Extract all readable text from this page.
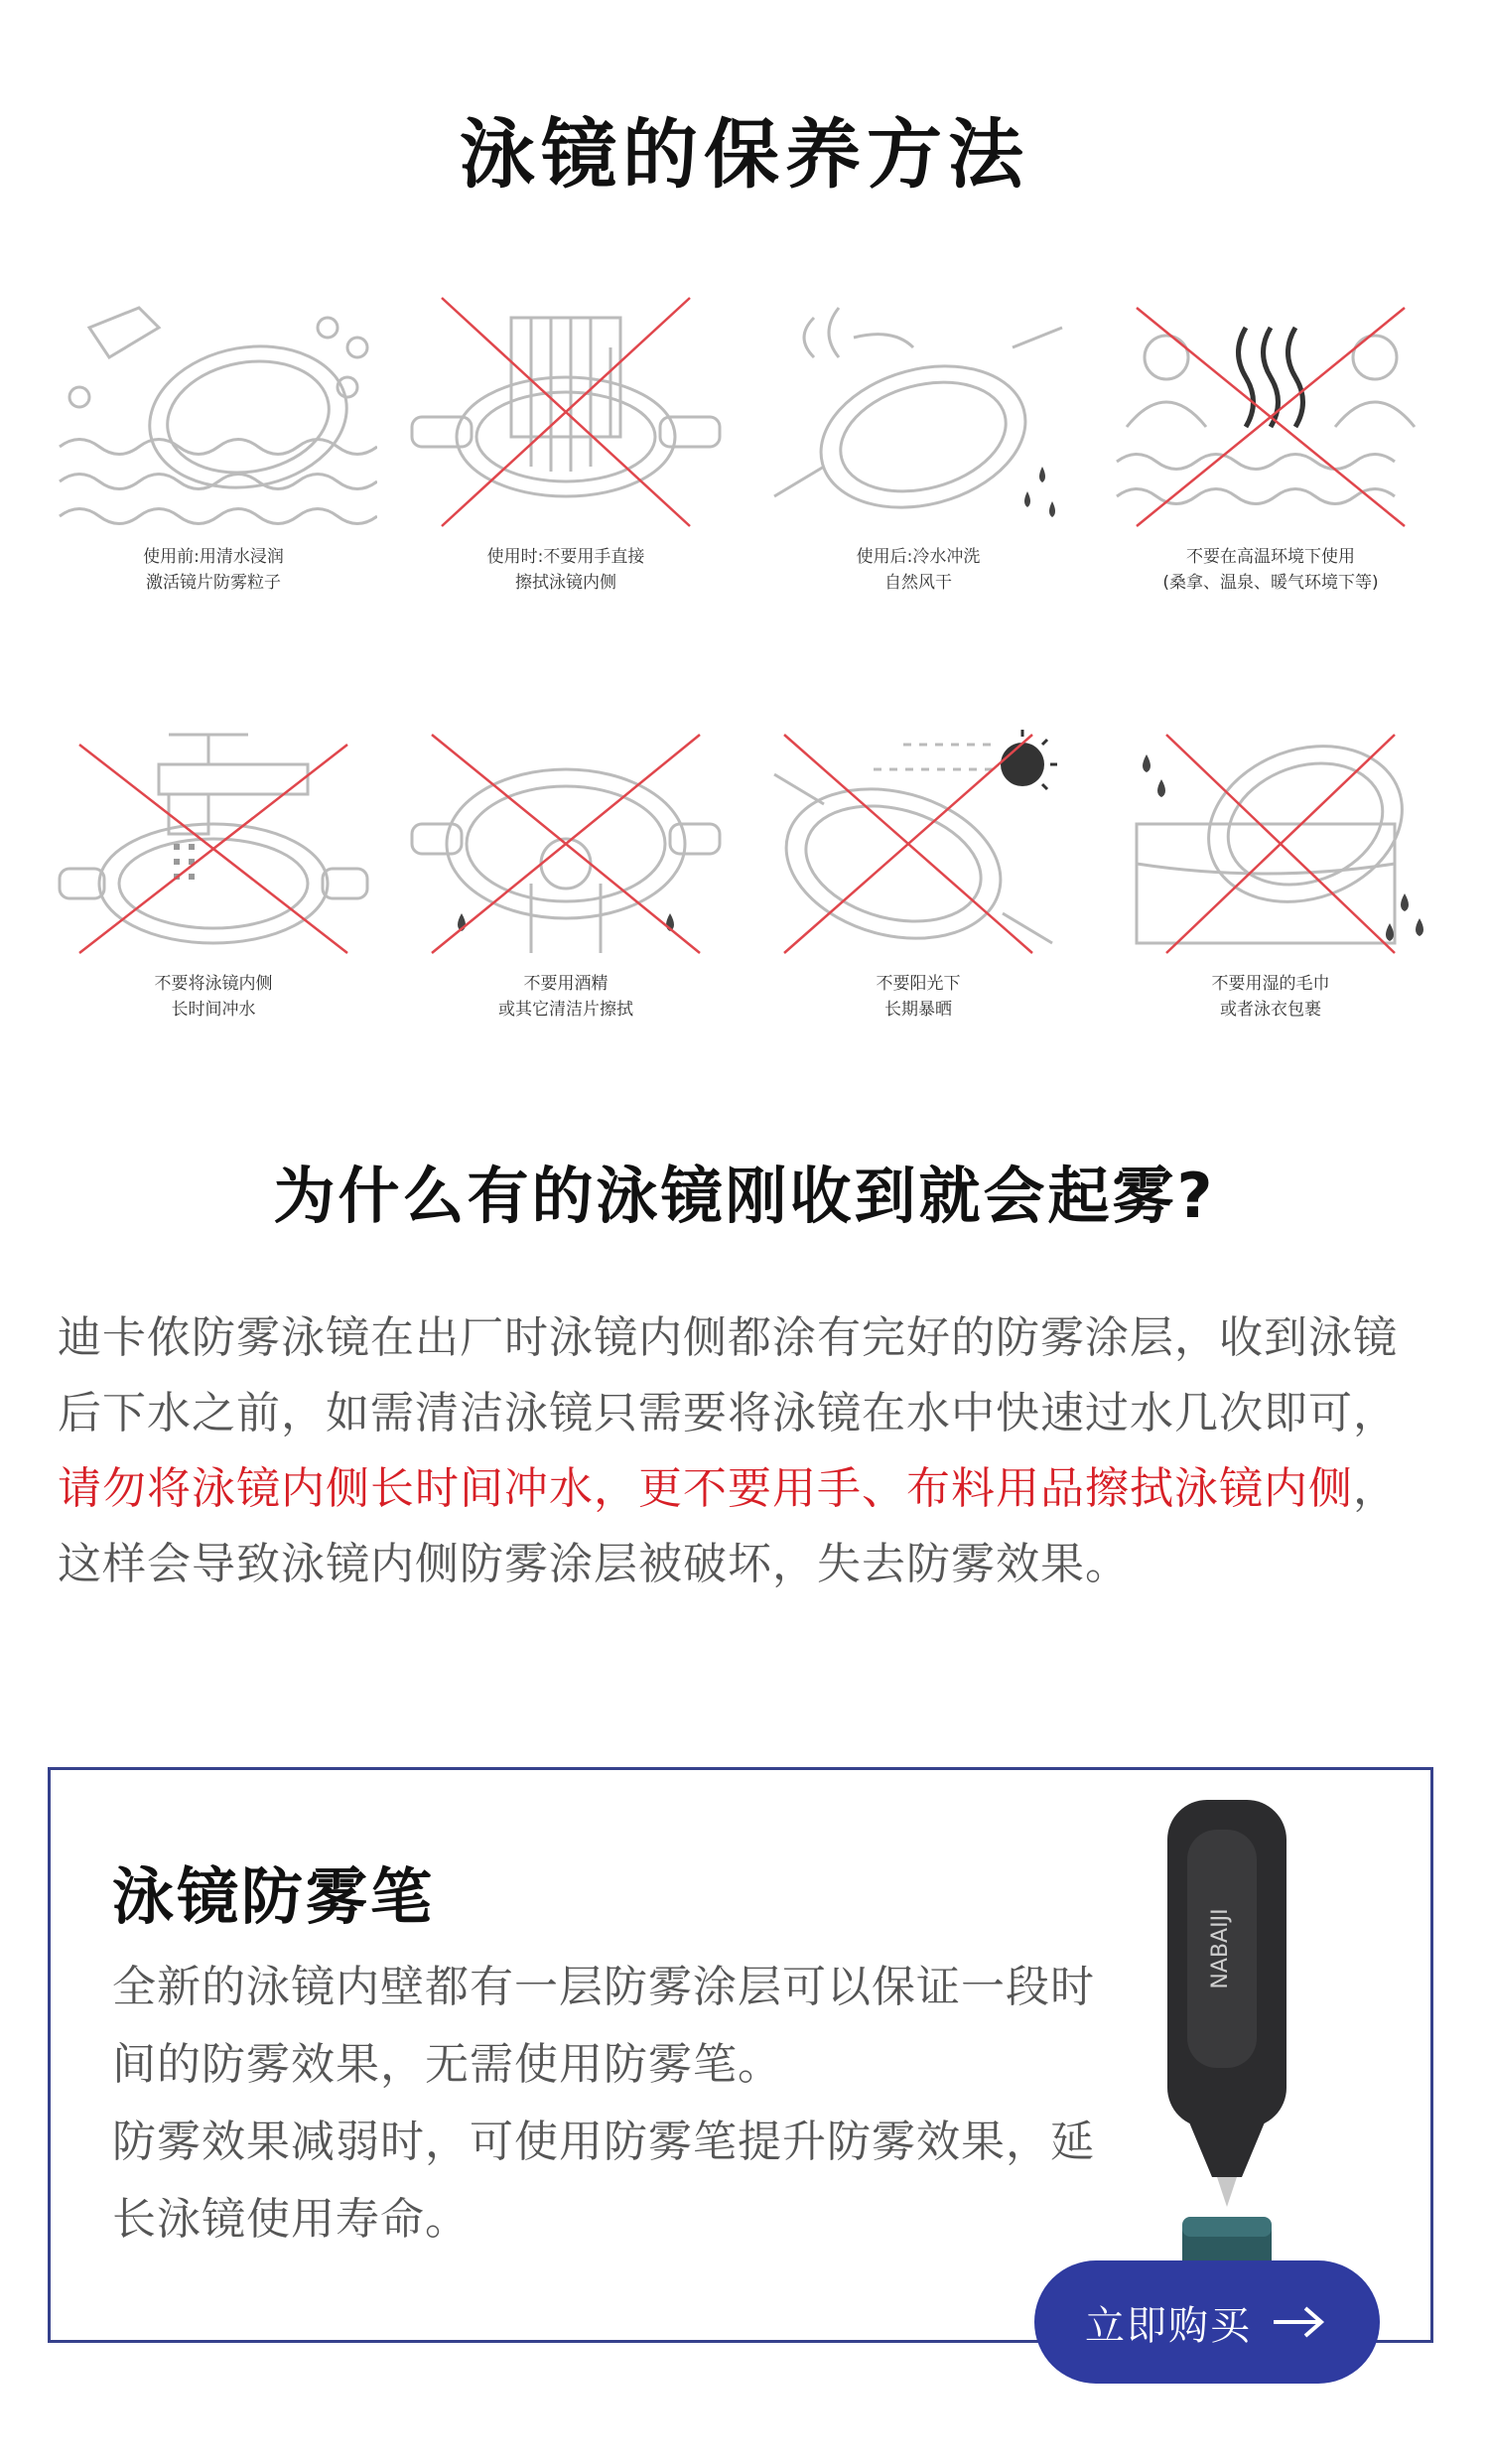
泳镜的保养方法
使用前:用清水浸润
激活镜片防雾粒子
使用时:不要用手直接
擦拭泳镜内侧
使用后:冷水冲洗
自然风干
不要在高温环境下使用
(桑拿、温泉、暖气环境下等)
不要将泳镜内侧
长时间冲水
不要用酒精
或其它清洁片擦拭
不要阳光下
长期暴晒
不要用湿的毛巾
或者泳衣包裹
为什么有的泳镜刚收到就会起雾?
迪卡侬防雾泳镜在出厂时泳镜内侧都涂有完好的防雾涂层，收到泳镜后下水之前，如需清洁泳镜只需要将泳镜在水中快速过水几次即可，请勿将泳镜内侧长时间冲水，更不要用手、布料用品擦拭泳镜内侧，这样会导致泳镜内侧防雾涂层被破坏，失去防雾效果。
泳镜防雾笔
全新的泳镜内壁都有一层防雾涂层可以保证一段时间的防雾效果，无需使用防雾笔。
防雾效果减弱时，可使用防雾笔提升防雾效果，延长泳镜使用寿命。
NABAIJI
立即购买
